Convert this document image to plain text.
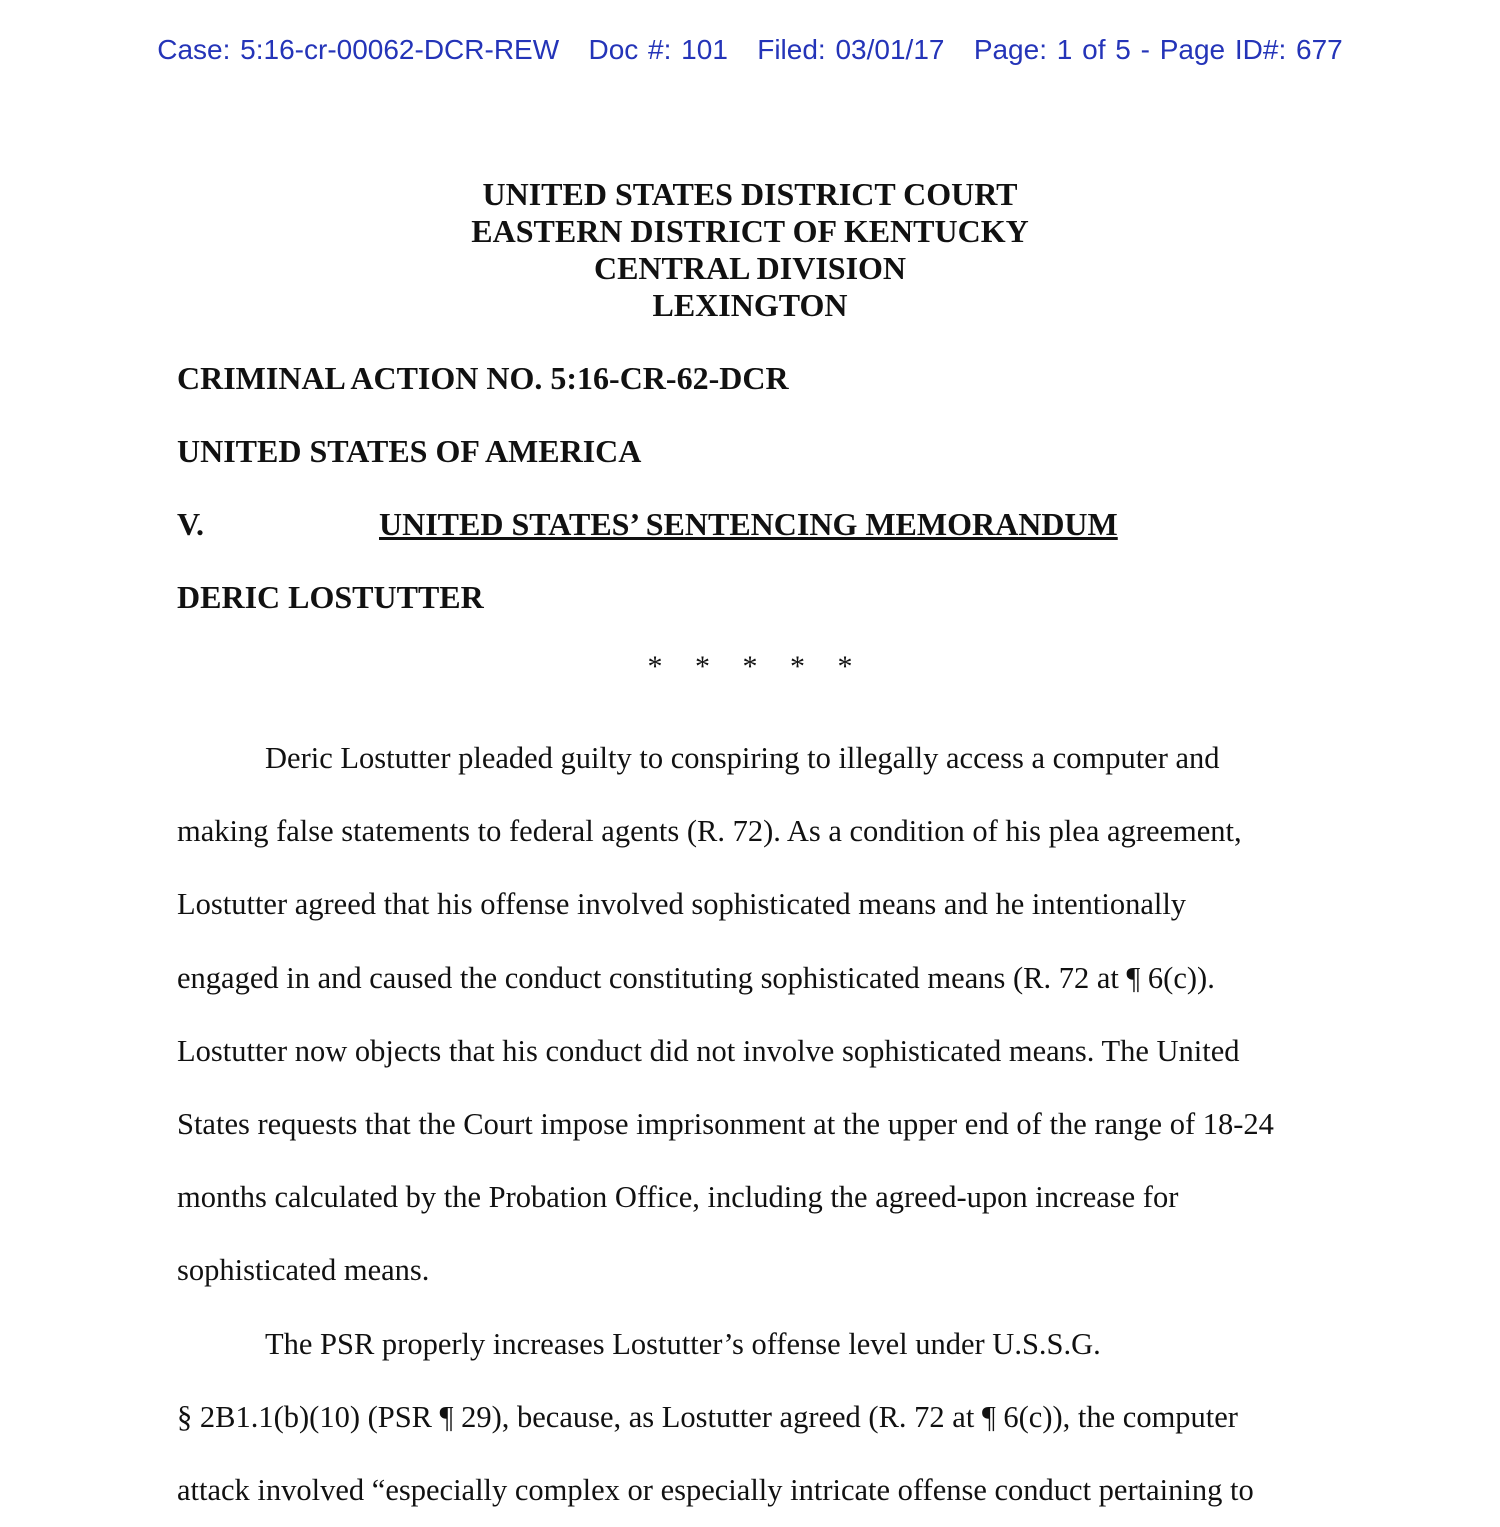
Case: 5:16-cr-00062-DCR-REW   Doc #: 101   Filed: 03/01/17   Page: 1 of 5 - Page ID#: 677
UNITED STATES DISTRICT COURT
EASTERN DISTRICT OF KENTUCKY
CENTRAL DIVISION
LEXINGTON
CRIMINAL ACTION NO. 5:16-CR-62-DCR
UNITED STATES OF AMERICA
V.	UNITED STATES’ SENTENCING MEMORANDUM
DERIC LOSTUTTER
* * * * *

Deric Lostutter pleaded guilty to conspiring to illegally access a computer and

making false statements to federal agents (R. 72). As a condition of his plea agreement,

Lostutter agreed that his offense involved sophisticated means and he intentionally

engaged in and caused the conduct constituting sophisticated means (R. 72 at ¶ 6(c)).

Lostutter now objects that his conduct did not involve sophisticated means. The United

States requests that the Court impose imprisonment at the upper end of the range of 18-24

months calculated by the Probation Office, including the agreed-upon increase for

sophisticated means.

The PSR properly increases Lostutter’s offense level under U.S.S.G.

§ 2B1.1(b)(10) (PSR ¶ 29), because, as Lostutter agreed (R. 72 at ¶ 6(c)), the computer

attack involved “especially complex or especially intricate offense conduct pertaining to
